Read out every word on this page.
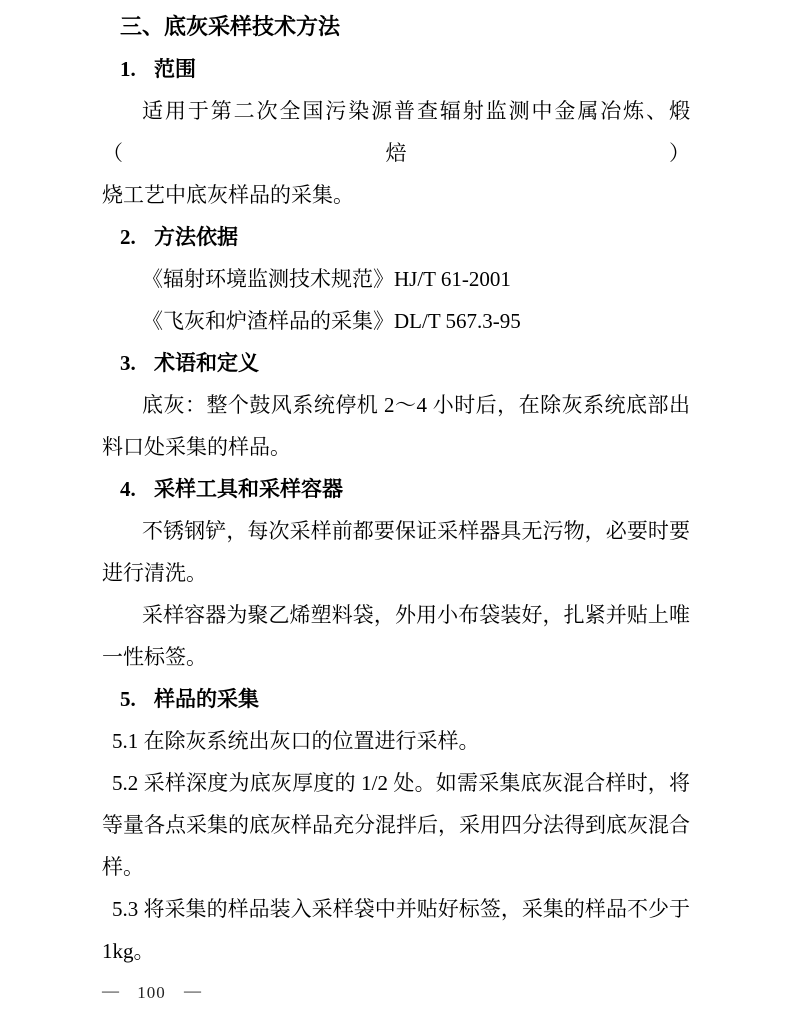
三、底灰采样技术方法
1. 范围
适用于第二次全国污染源普查辐射监测中金属冶炼、煅（焙）
烧工艺中底灰样品的采集。
2. 方法依据
《辐射环境监测技术规范》HJ/T 61-2001
《飞灰和炉渣样品的采集》DL/T 567.3-95
3. 术语和定义
底灰：整个鼓风系统停机 2～4 小时后，在除灰系统底部出
料口处采集的样品。
4. 采样工具和采样容器
不锈钢铲，每次采样前都要保证采样器具无污物，必要时要
进行清洗。
采样容器为聚乙烯塑料袋，外用小布袋装好，扎紧并贴上唯
一性标签。
5. 样品的采集
5.1 在除灰系统出灰口的位置进行采样。
5.2 采样深度为底灰厚度的 1/2 处。如需采集底灰混合样时，将
等量各点采集的底灰样品充分混拌后，采用四分法得到底灰混合
样。
5.3 将采集的样品装入采样袋中并贴好标签，采集的样品不少于
1kg。
— 100 —
